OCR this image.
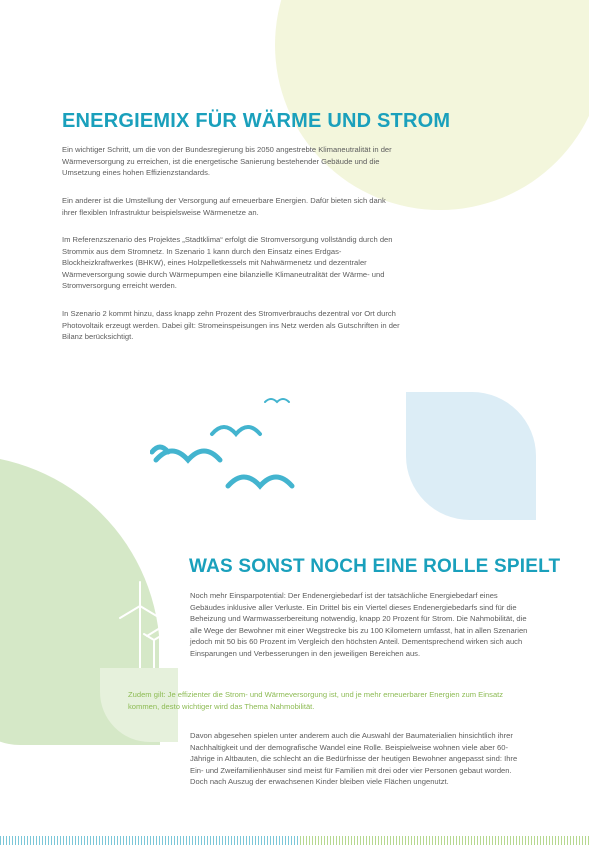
ENERGIEMIX FÜR WÄRME UND STROM

Ein wichtiger Schritt, um die von der Bundesregierung bis 2050 angestrebte Klimaneutralität in der Wärmeversorgung zu erreichen, ist die energetische Sanierung bestehender Gebäude und die Umsetzung eines hohen Effizienzstandards.

Ein anderer ist die Umstellung der Versorgung auf erneuerbare Energien. Dafür bieten sich dank ihrer flexiblen Infrastruktur beispielsweise Wärmenetze an.

Im Referenzszenario des Projektes „Stadtklima“ erfolgt die Stromversorgung vollständig durch den Strommix aus dem Stromnetz. In Szenario 1 kann durch den Einsatz eines Erdgas-Blockheizkraftwerkes (BHKW), eines Holzpelletkessels mit Nahwärmenetz und dezentraler Wärmeversorgung sowie durch Wärmepumpen eine bilanzielle Klimaneutralität der Wärme- und Stromversorgung erreicht werden.

In Szenario 2 kommt hinzu, dass knapp zehn Prozent des Stromverbrauchs dezentral vor Ort durch Photovoltaik erzeugt werden. Dabei gilt: Stromeinspeisungen ins Netz werden als Gutschriften in der Bilanz berücksichtigt.

WAS SONST NOCH EINE ROLLE SPIELT

Noch mehr Einsparpotential: Der Endenergiebedarf ist der tatsächliche Energiebedarf eines Gebäudes inklusive aller Verluste. Ein Drittel bis ein Viertel dieses Endenergiebedarfs sind für die Beheizung und Warmwasserbereitung notwendig, knapp 20 Prozent für Strom. Die Nahmobilität, die alle Wege der Bewohner mit einer Wegstrecke bis zu 100 Kilometern umfasst, hat in allen Szenarien jedoch mit 50 bis 60 Prozent im Vergleich den höchsten Anteil. Dementsprechend wirken sich auch Einsparungen und Verbesserungen in den jeweiligen Bereichen aus.

Zudem gilt: Je effizienter die Strom- und Wärmeversorgung ist, und je mehr erneuerbarer Energien zum Einsatz kommen, desto wichtiger wird das Thema Nahmobilität.

Davon abgesehen spielen unter anderem auch die Auswahl der Baumaterialien hinsichtlich ihrer Nachhaltigkeit und der demografische Wandel eine Rolle. Beispielweise wohnen viele aber 60-Jährige in Altbauten, die schlecht an die Bedürfnisse der heutigen Bewohner angepasst sind: Ihre Ein- und Zweifamilienhäuser sind meist für Familien mit drei oder vier Personen gebaut worden. Doch nach Auszug der erwachsenen Kinder bleiben viele Flächen ungenutzt.
